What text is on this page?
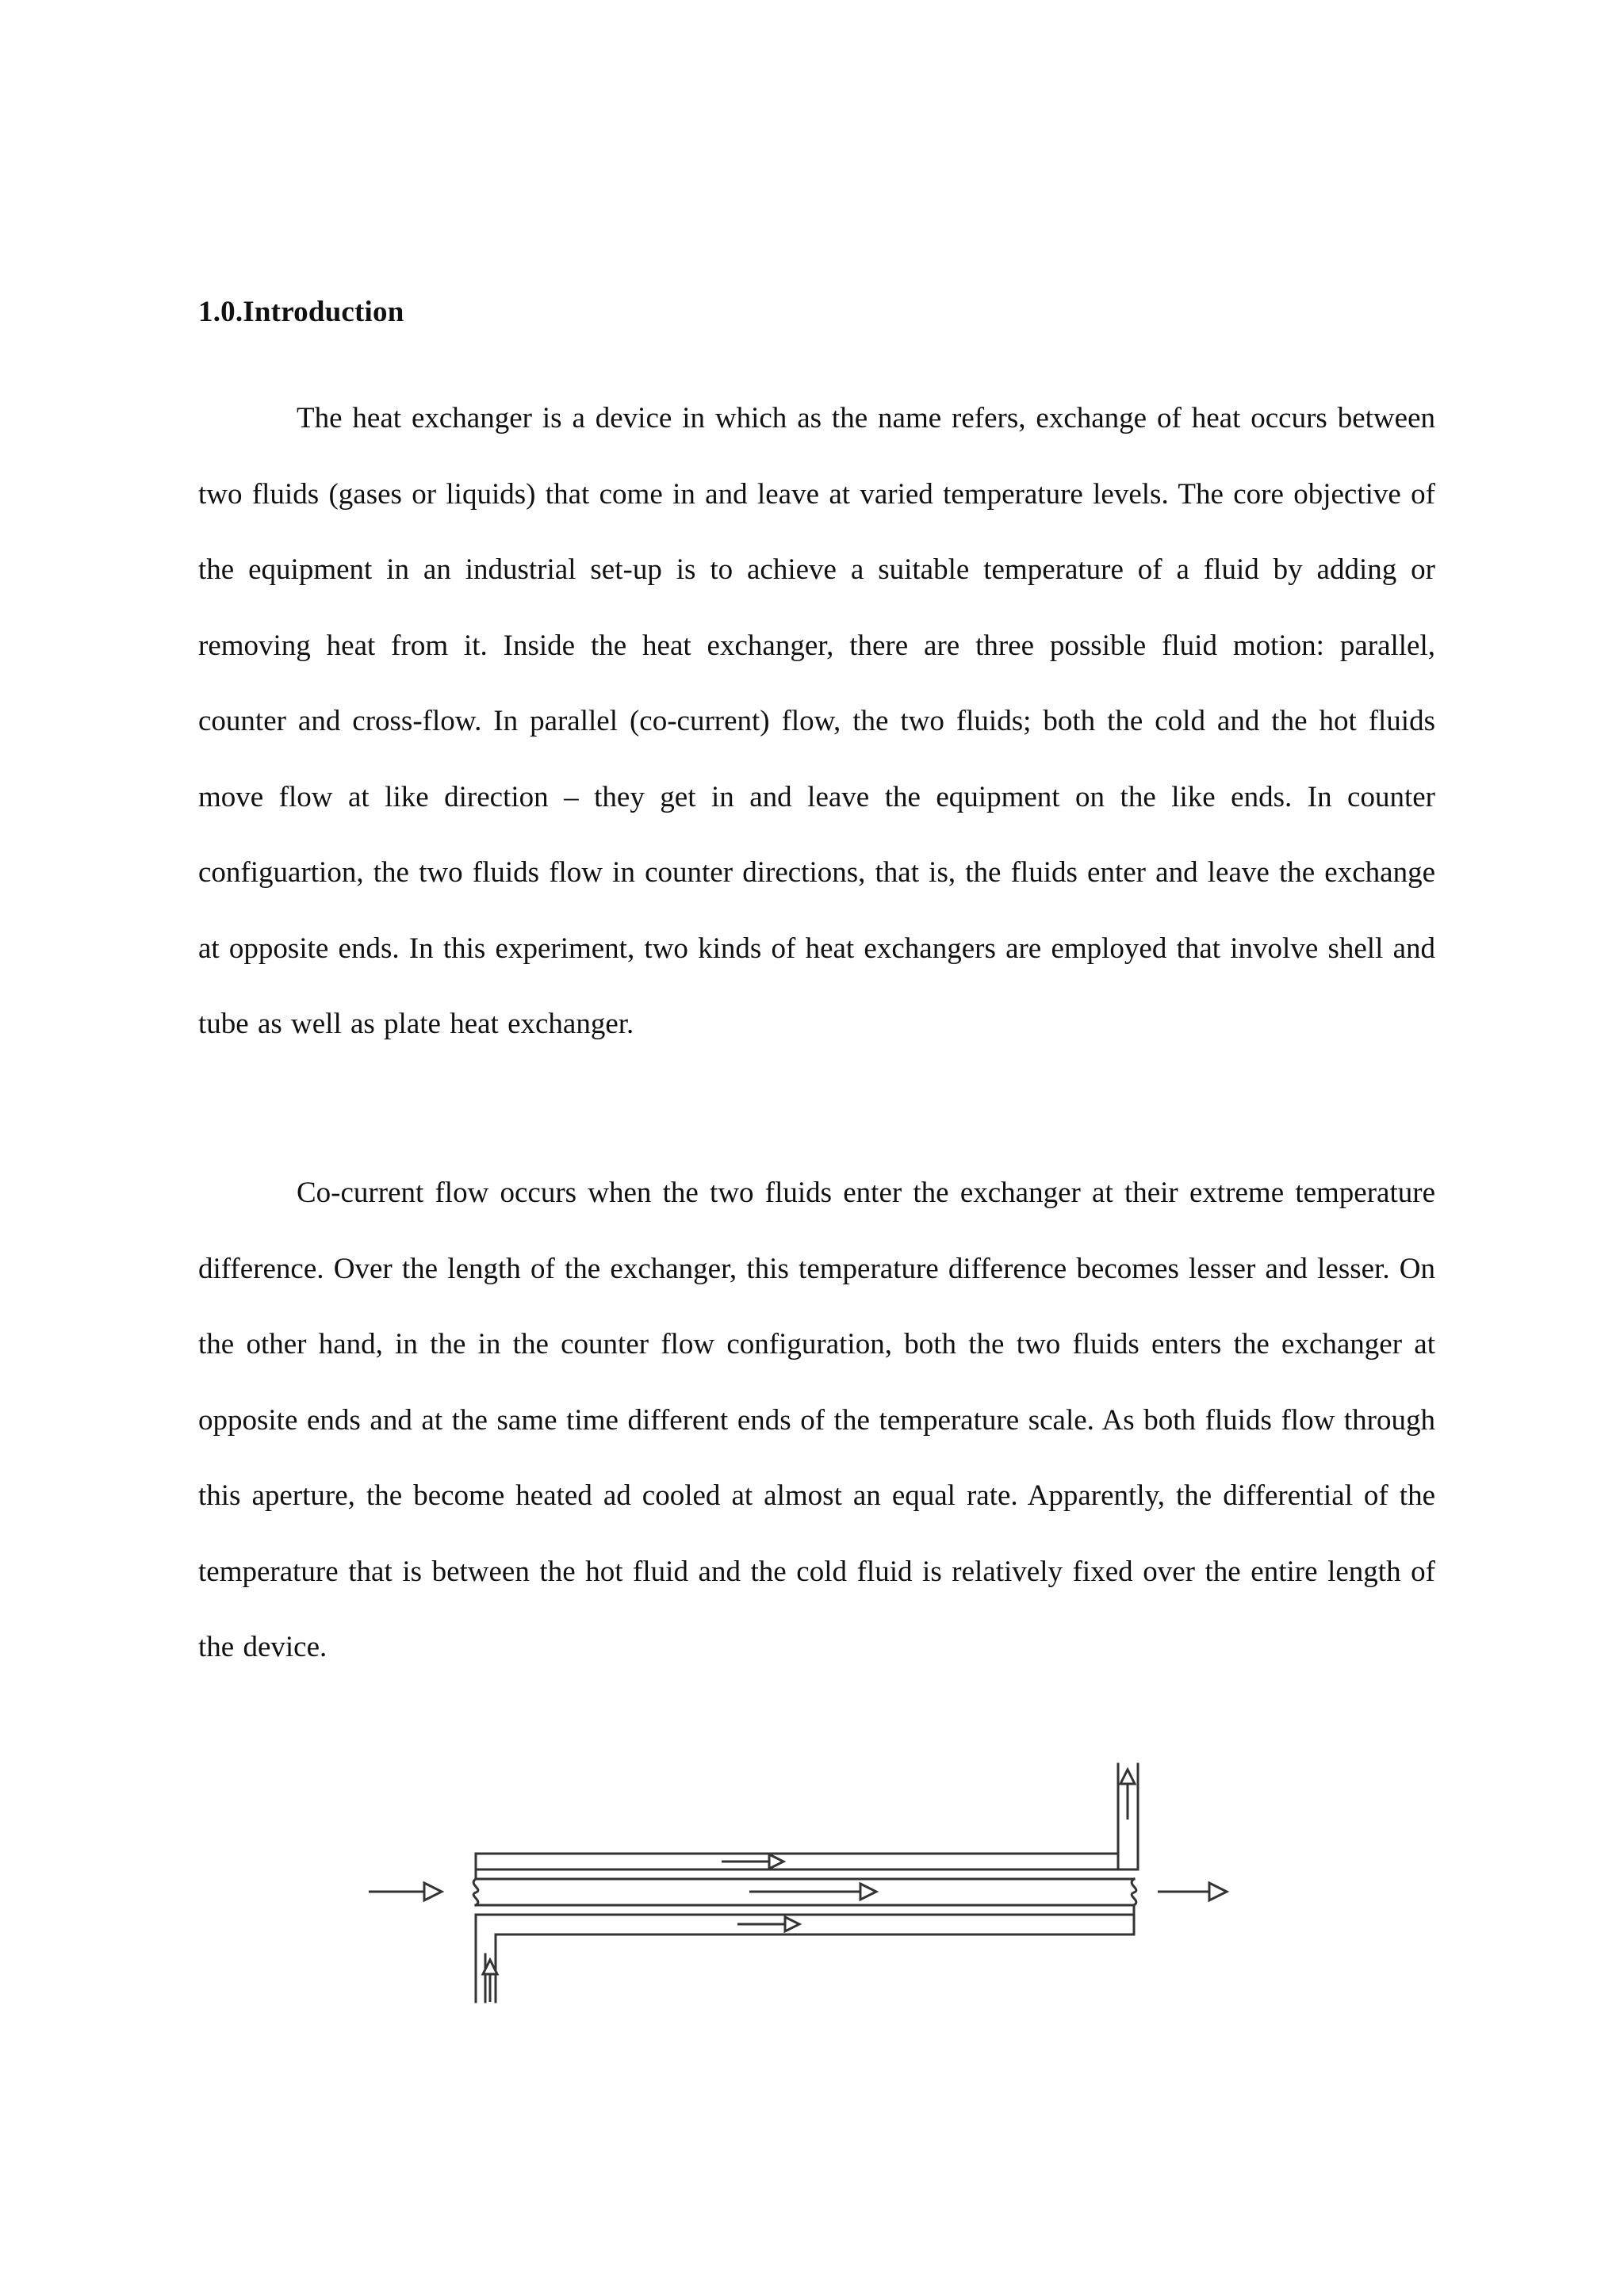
1.0.Introduction

The heat exchanger is a device in which as the name refers, exchange of heat occurs between two fluids (gases or liquids) that come in and leave at varied temperature levels. The core objective of the equipment in an industrial set-up is to achieve a suitable temperature of a fluid by adding or removing heat from it. Inside the heat exchanger, there are three possible fluid motion: parallel, counter and cross-flow. In parallel (co-current) flow, the two fluids; both the cold and the hot fluids move flow at like direction – they get in and leave the equipment on the like ends. In counter configuartion, the two fluids flow in counter directions, that is, the fluids enter and leave the exchange at opposite ends. In this experiment, two kinds of heat exchangers are employed that involve shell and tube as well as plate heat exchanger.

Co-current flow occurs when the two fluids enter the exchanger at their extreme temperature difference. Over the length of the exchanger, this temperature difference becomes lesser and lesser. On the other hand, in the in the counter flow configuration, both the two fluids enters the exchanger at opposite ends and at the same time different ends of the temperature scale. As both fluids flow through this aperture, the become heated ad cooled at almost an equal rate. Apparently, the differential of the temperature that is between the hot fluid and the cold fluid is relatively fixed over the entire length of the device.
